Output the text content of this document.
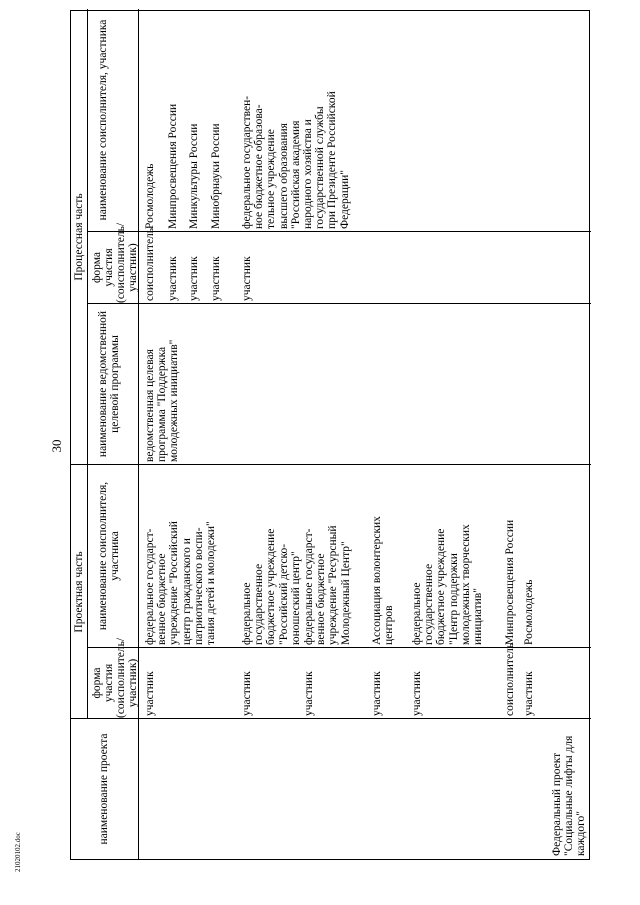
30
21020102.doc
Проектная часть
Процессная часть
наименование проекта
форма участия (соисполнитель/ участник)
наименование соисполнителя, участника
наименование ведомственной целевой программы
форма участия (соисполнитель/ участник)
наименование соисполнителя, участника
участник
федеральное государст-
венное бюджетное
учреждение "Российский
центр гражданского и
патриотического воспи-
тания детей и молодежи"
участник
федеральное
государственное
бюджетное учреждение
"Российский детско-
юношеский центр"
участник
федеральное государст-
венное бюджетное
учреждение "Ресурсный
Молодежный Центр"
участник
Ассоциация волонтерских
центров
участник
федеральное
государственное
бюджетное учреждение
"Центр поддержки
молодежных творческих
инициатив"
соисполнитель
Минпросвещения России
участник
Росмолодежь
Федеральный проект
"Социальные лифты для
каждого"
ведомственная целевая
программа "Поддержка
молодежных инициатив"
соисполнитель
Росмолодежь
участник
Минпросвещения России
участник
Минкультуры России
участник
Минобрнауки России
участник
федеральное государствен-
ное бюджетное образова-
тельное учреждение
высшего образования
"Российская академия
народного хозяйства и
государственной службы
при Президенте Российской
Федерации"
